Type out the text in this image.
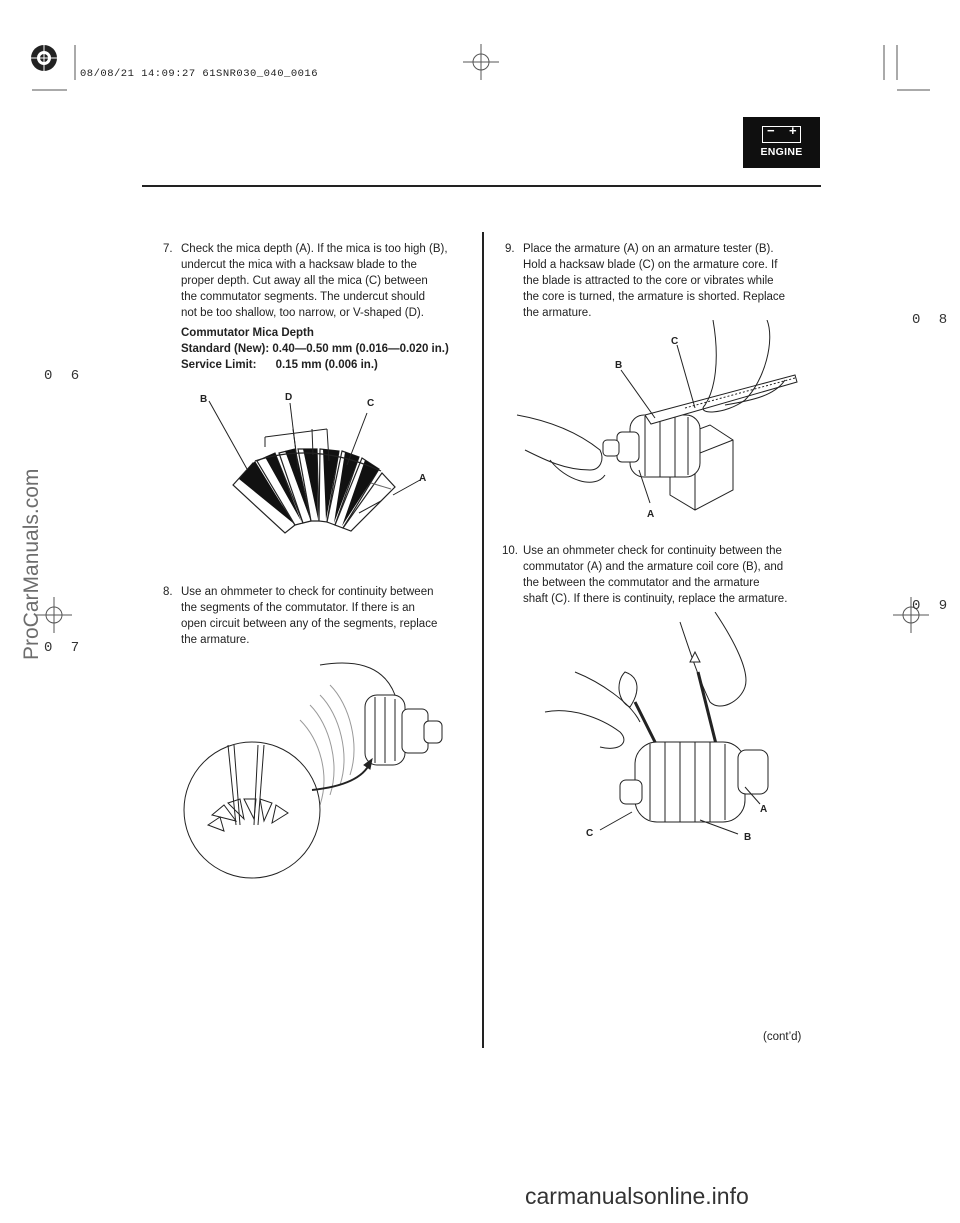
08/08/21 14:09:27 61SNR030_040_0016
ProCarManuals.com
carmanualsonline.info
0 6
0 7
0 8
0 9
− +
ENGINE
7. Check the mica depth (A). If the mica is too high (B),
undercut the mica with a hacksaw blade to the
proper depth. Cut away all the mica (C) between
the commutator segments. The undercut should
not be too shallow, too narrow, or V-shaped (D).
Commutator Mica Depth
Standard (New): 0.40—0.50 mm (0.016—0.020 in.)
Service Limit:      0.15 mm (0.006 in.)
B	D
C
A
8. Use an ohmmeter to check for continuity between
the segments of the commutator. If there is an
open circuit between any of the segments, replace
the armature.
9. Place the armature (A) on an armature tester (B).
Hold a hacksaw blade (C) on the armature core. If
the blade is attracted to the core or vibrates while
the core is turned, the armature is shorted. Replace
the armature.
C
B
A
10. Use an ohmmeter check for continuity between the
commutator (A) and the armature coil core (B), and
the between the commutator and the armature
shaft (C). If there is continuity, replace the armature.
A
C	B
(cont’d)
